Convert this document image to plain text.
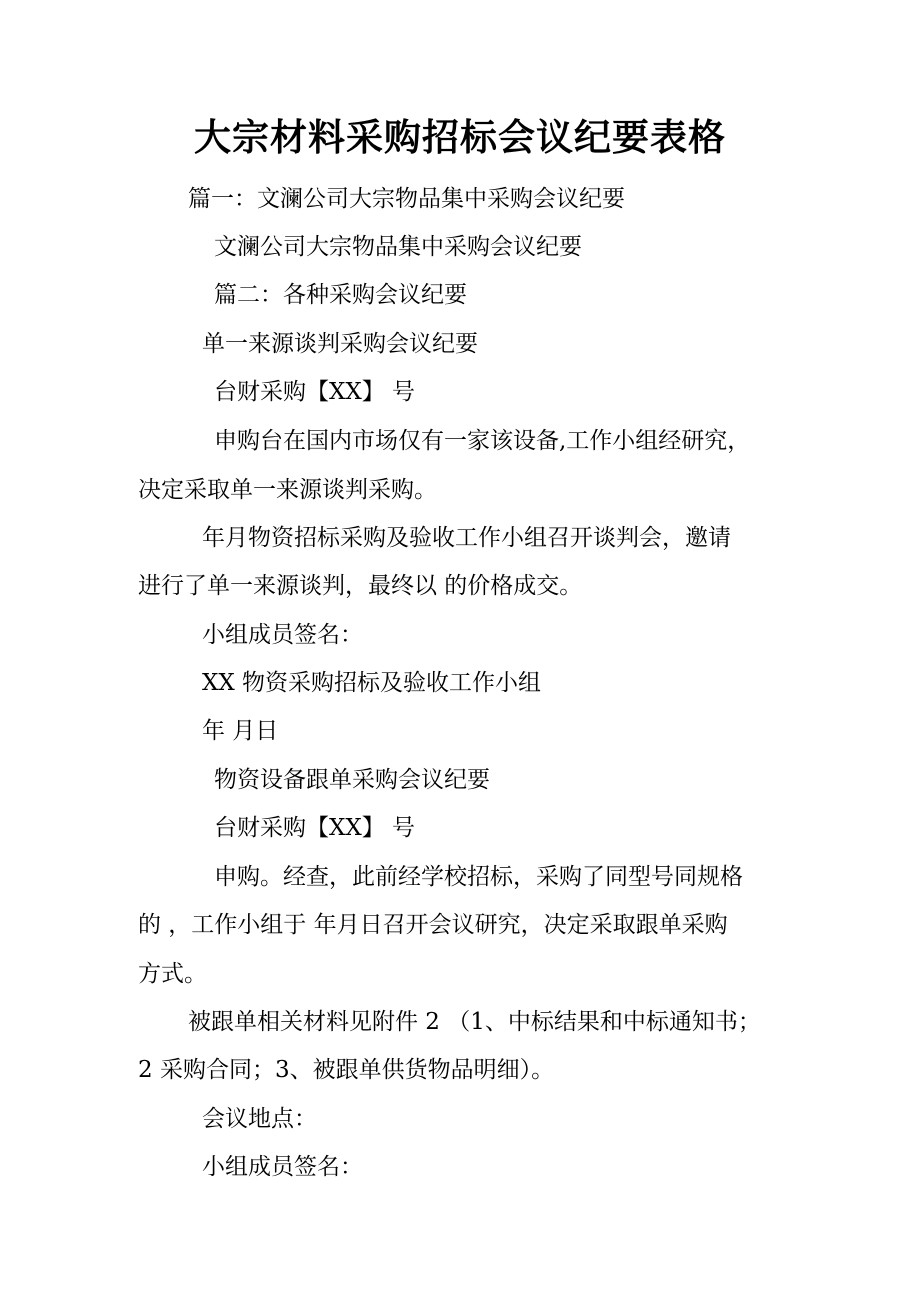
大宗材料采购招标会议纪要表格
篇一：文澜公司大宗物品集中采购会议纪要
文澜公司大宗物品集中采购会议纪要
篇二：各种采购会议纪要
单一来源谈判采购会议纪要
台财采购【XX】 号
申购台在国内市场仅有一家该设备,工作小组经研究，
决定采取单一来源谈判采购。
年月物资招标采购及验收工作小组召开谈判会，邀请
进行了单一来源谈判，最终以 的价格成交。
小组成员签名：
XX 物资采购招标及验收工作小组
年 月日
物资设备跟单采购会议纪要
台财采购【XX】 号
申购。经查，此前经学校招标，采购了同型号同规格
的 ，工作小组于 年月日召开会议研究，决定采取跟单采购
方式。
被跟单相关材料见附件 2 （1、中标结果和中标通知书；
2 采购合同；3、被跟单供货物品明细）。
会议地点：
小组成员签名：
